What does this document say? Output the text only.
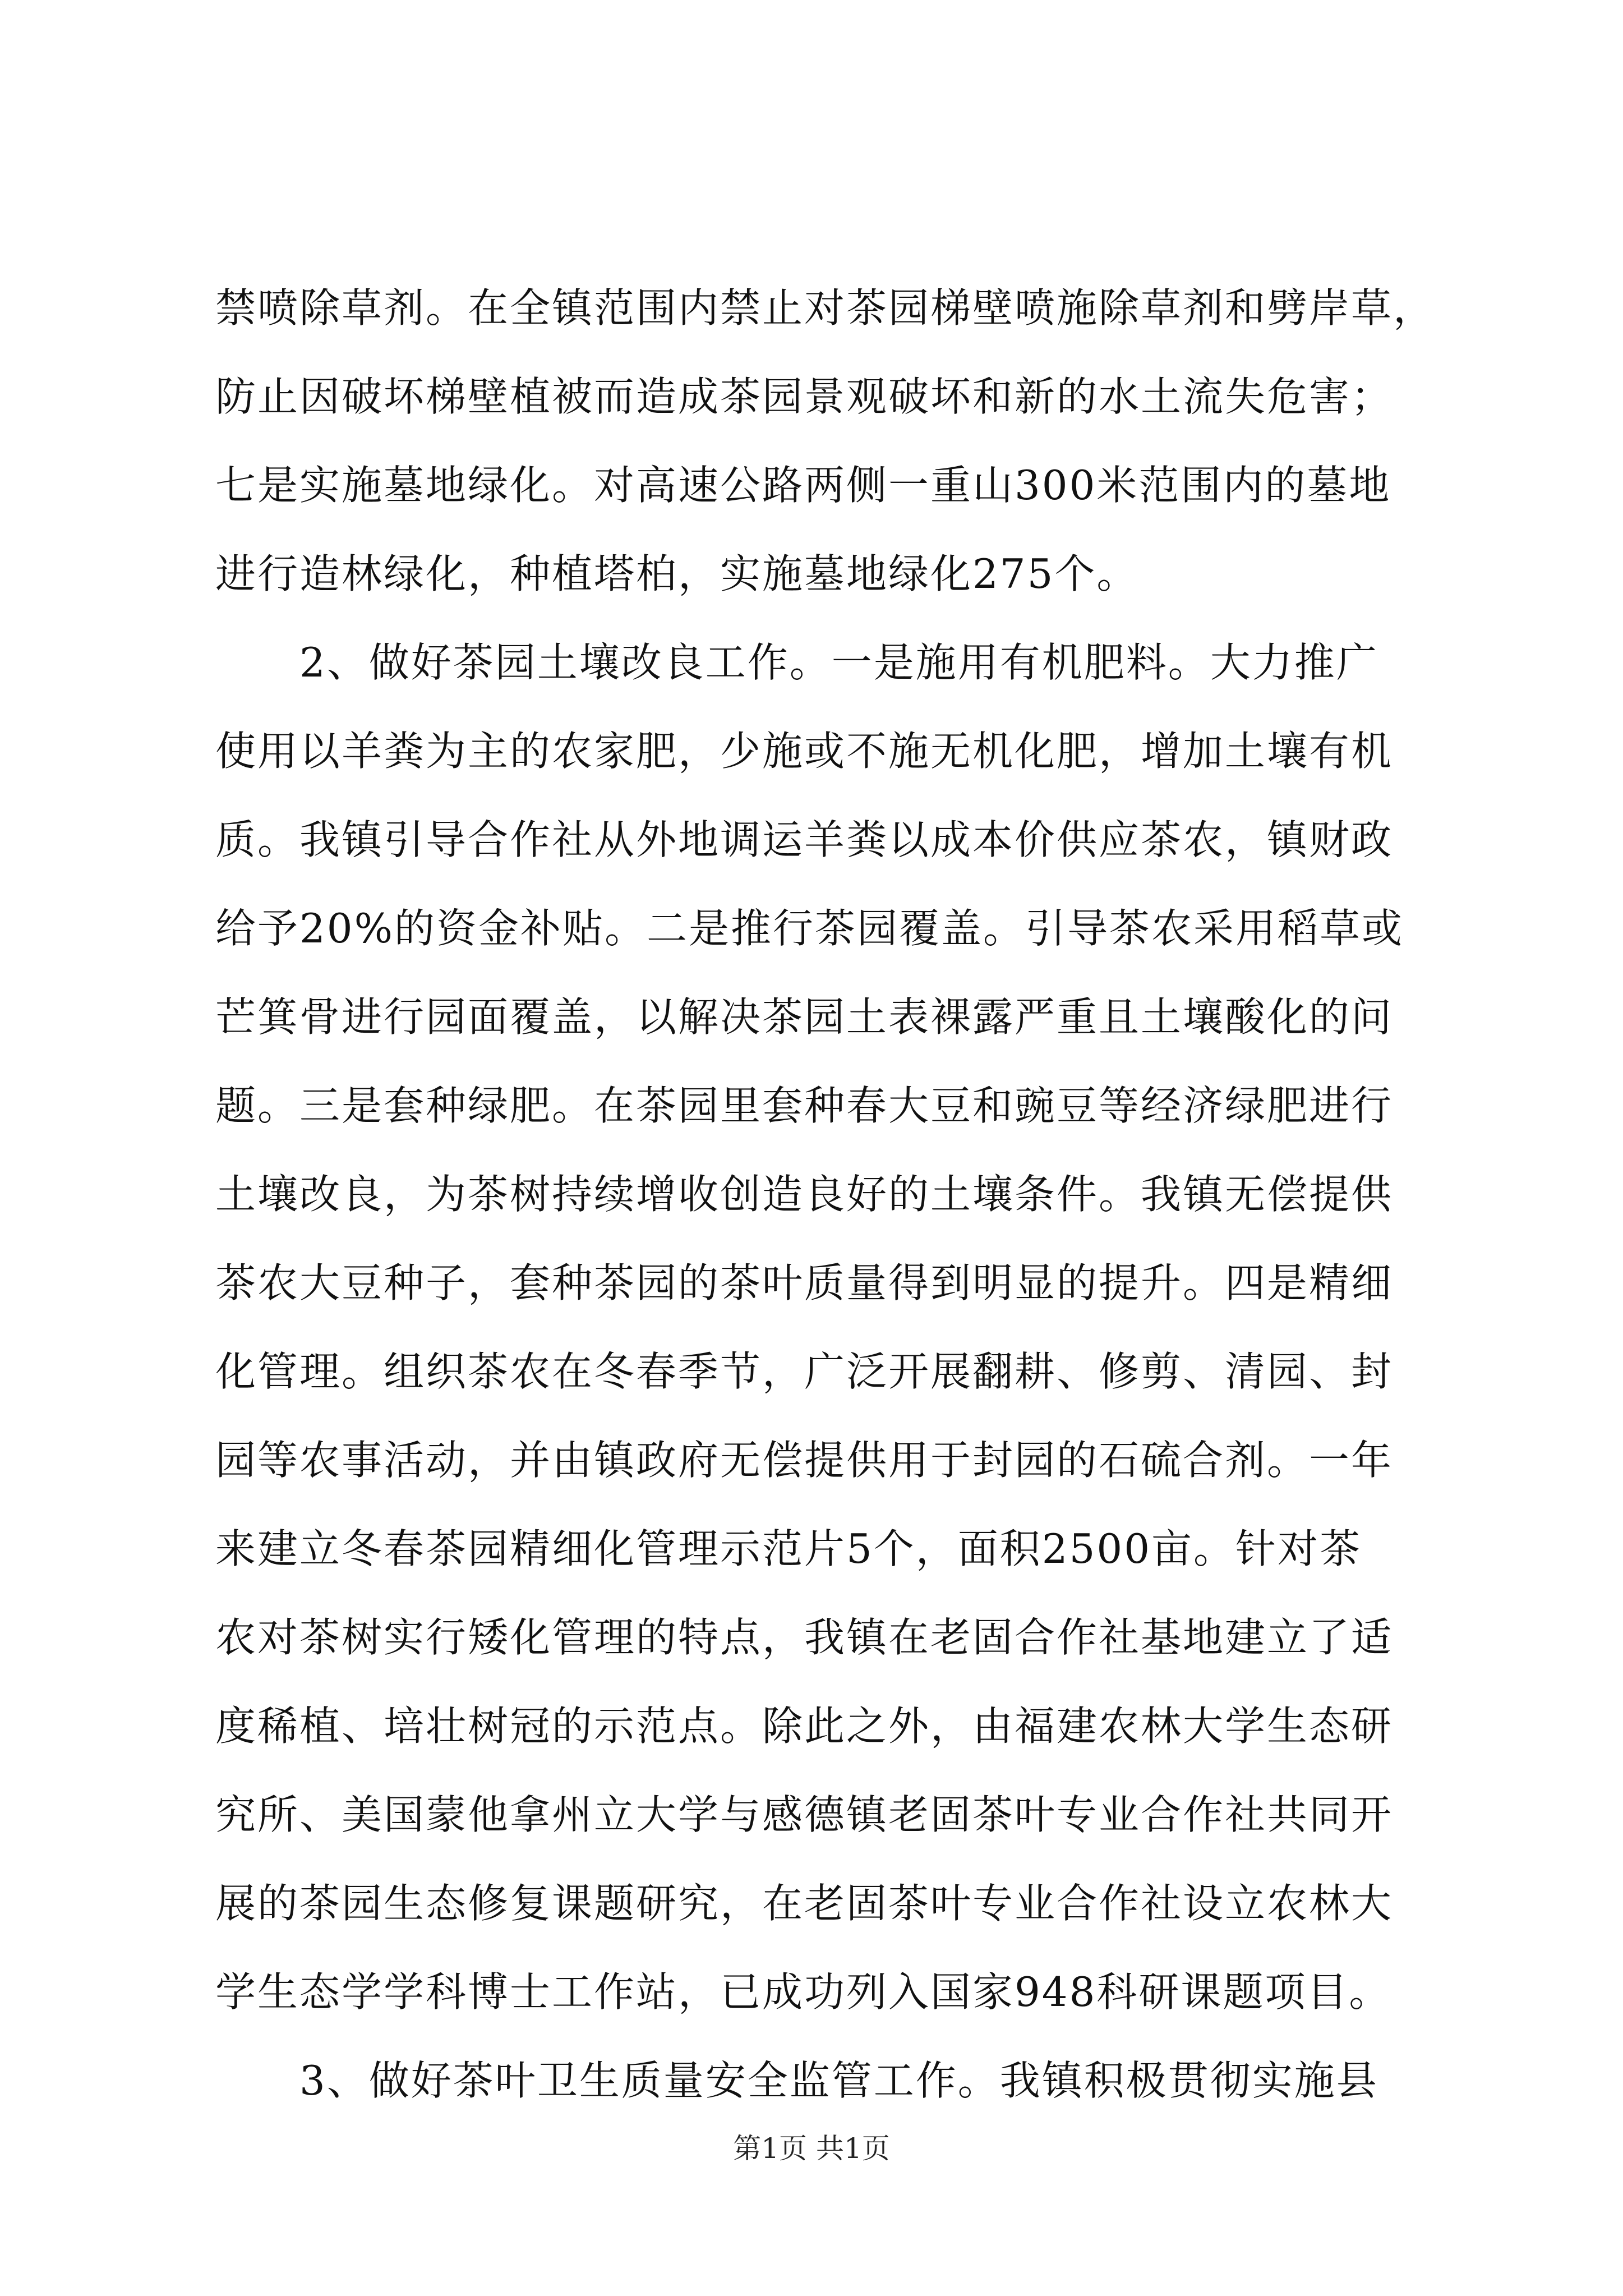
禁喷除草剂。在全镇范围内禁止对茶园梯壁喷施除草剂和劈岸草，
防止因破坏梯壁植被而造成茶园景观破坏和新的水土流失危害；
七是实施墓地绿化。对高速公路两侧一重山300米范围内的墓地
进行造林绿化，种植塔柏，实施墓地绿化275个。
2、做好茶园土壤改良工作。一是施用有机肥料。大力推广
使用以羊粪为主的农家肥，少施或不施无机化肥，增加土壤有机
质。我镇引导合作社从外地调运羊粪以成本价供应茶农，镇财政
给予20%的资金补贴。二是推行茶园覆盖。引导茶农采用稻草或
芒箕骨进行园面覆盖，以解决茶园土表裸露严重且土壤酸化的问
题。三是套种绿肥。在茶园里套种春大豆和豌豆等经济绿肥进行
土壤改良，为茶树持续增收创造良好的土壤条件。我镇无偿提供
茶农大豆种子，套种茶园的茶叶质量得到明显的提升。四是精细
化管理。组织茶农在冬春季节，广泛开展翻耕、修剪、清园、封
园等农事活动，并由镇政府无偿提供用于封园的石硫合剂。一年
来建立冬春茶园精细化管理示范片5个，面积2500亩。针对茶
农对茶树实行矮化管理的特点，我镇在老固合作社基地建立了适
度稀植、培壮树冠的示范点。除此之外，由福建农林大学生态研
究所、美国蒙他拿州立大学与感德镇老固茶叶专业合作社共同开
展的茶园生态修复课题研究，在老固茶叶专业合作社设立农林大
学生态学学科博士工作站，已成功列入国家948科研课题项目。
3、做好茶叶卫生质量安全监管工作。我镇积极贯彻实施县
第1页 共1页
